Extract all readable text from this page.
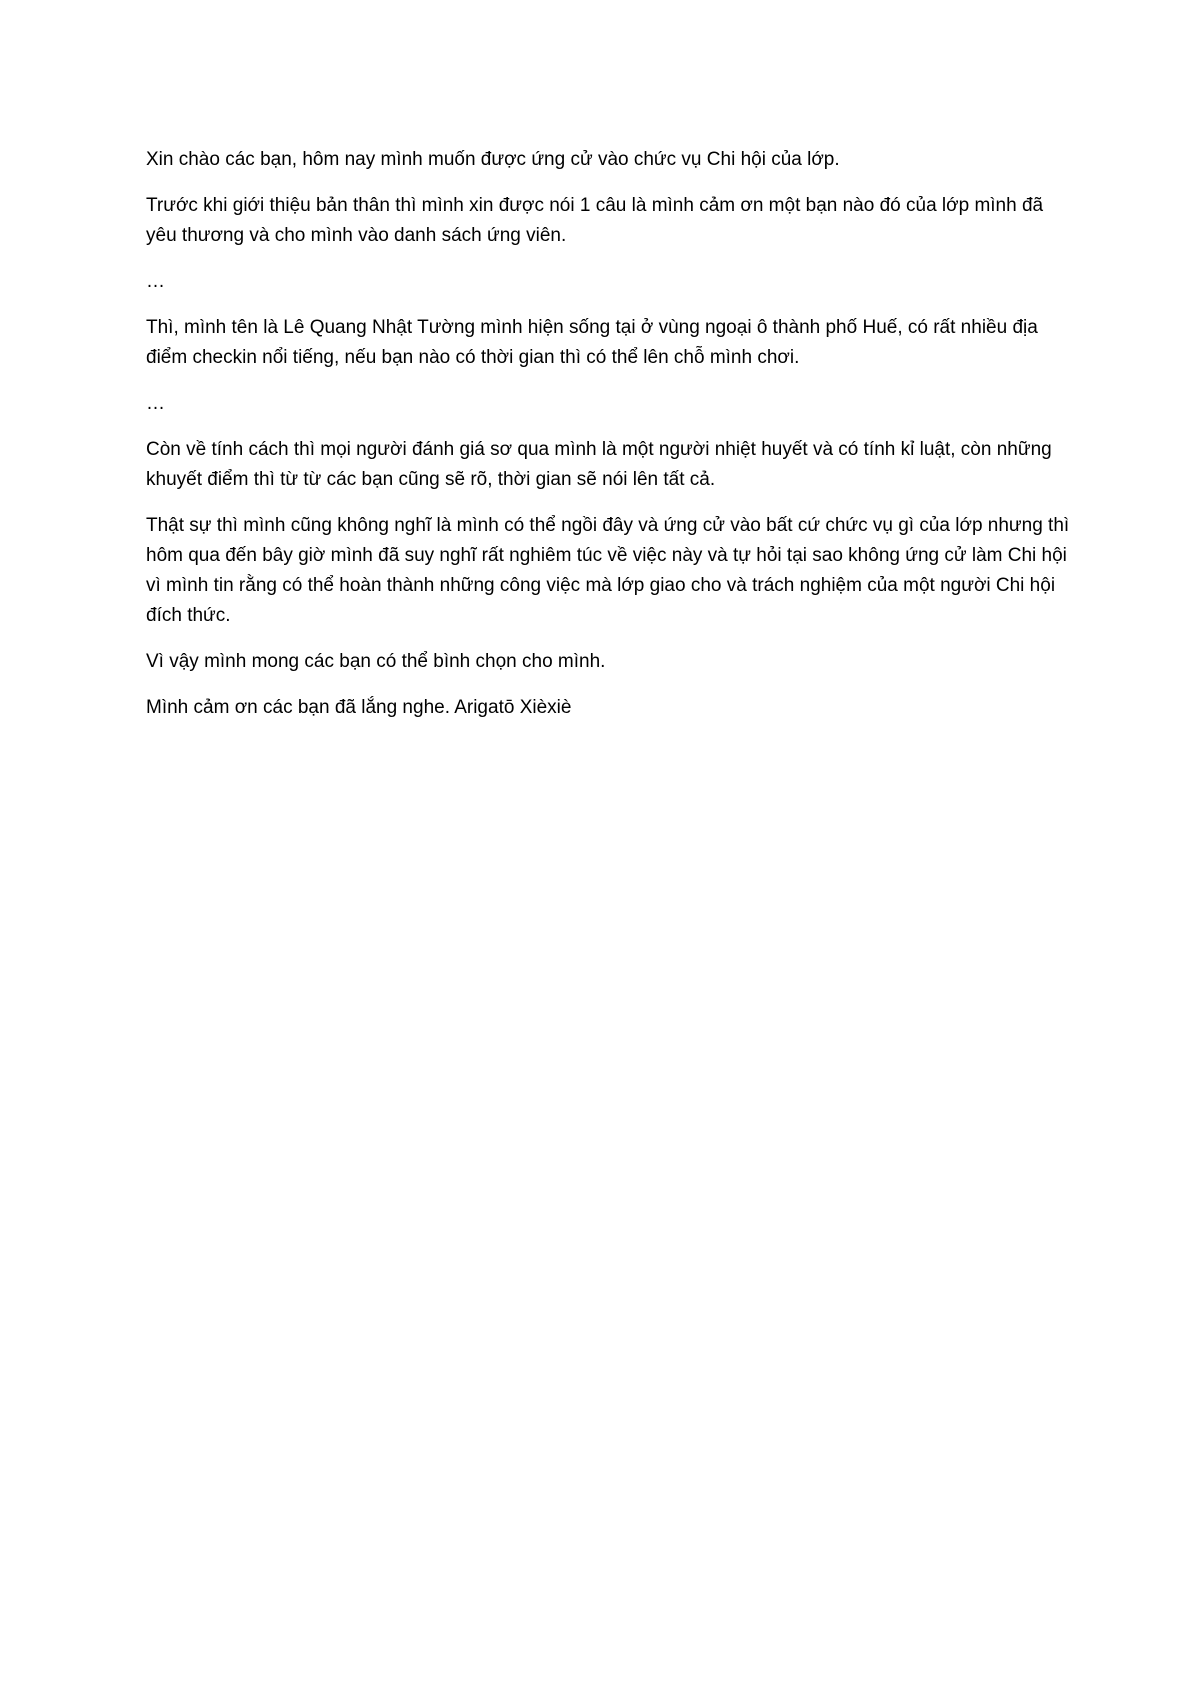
Xin chào các bạn, hôm nay mình muốn được ứng cử vào chức vụ Chi hội của lớp.

Trước khi giới thiệu bản thân thì mình xin được nói 1 câu là mình cảm ơn một bạn nào đó của lớp mình đã yêu thương và cho mình vào danh sách ứng viên.

…

Thì, mình tên là Lê Quang Nhật Tường mình hiện sống tại ở vùng ngoại ô thành phố Huế, có rất nhiều địa điểm checkin nổi tiếng, nếu bạn nào có thời gian thì có thể lên chỗ mình chơi.

…

Còn về tính cách thì mọi người đánh giá sơ qua mình là một người nhiệt huyết và có tính kỉ luật, còn những khuyết điểm thì từ từ các bạn cũng sẽ rõ, thời gian sẽ nói lên tất cả.

Thật sự thì mình cũng không nghĩ là mình có thể ngồi đây và ứng cử vào bất cứ chức vụ gì của lớp nhưng thì hôm qua đến bây giờ mình đã suy nghĩ rất nghiêm túc về việc này và tự hỏi tại sao không ứng cử làm Chi hội vì mình tin rằng có thể hoàn thành những công việc mà lớp giao cho và trách nghiệm của một người Chi hội đích thức.

Vì vậy mình mong các bạn có thể bình chọn cho mình.

Mình cảm ơn các bạn đã lắng nghe. Arigatō Xièxiè
